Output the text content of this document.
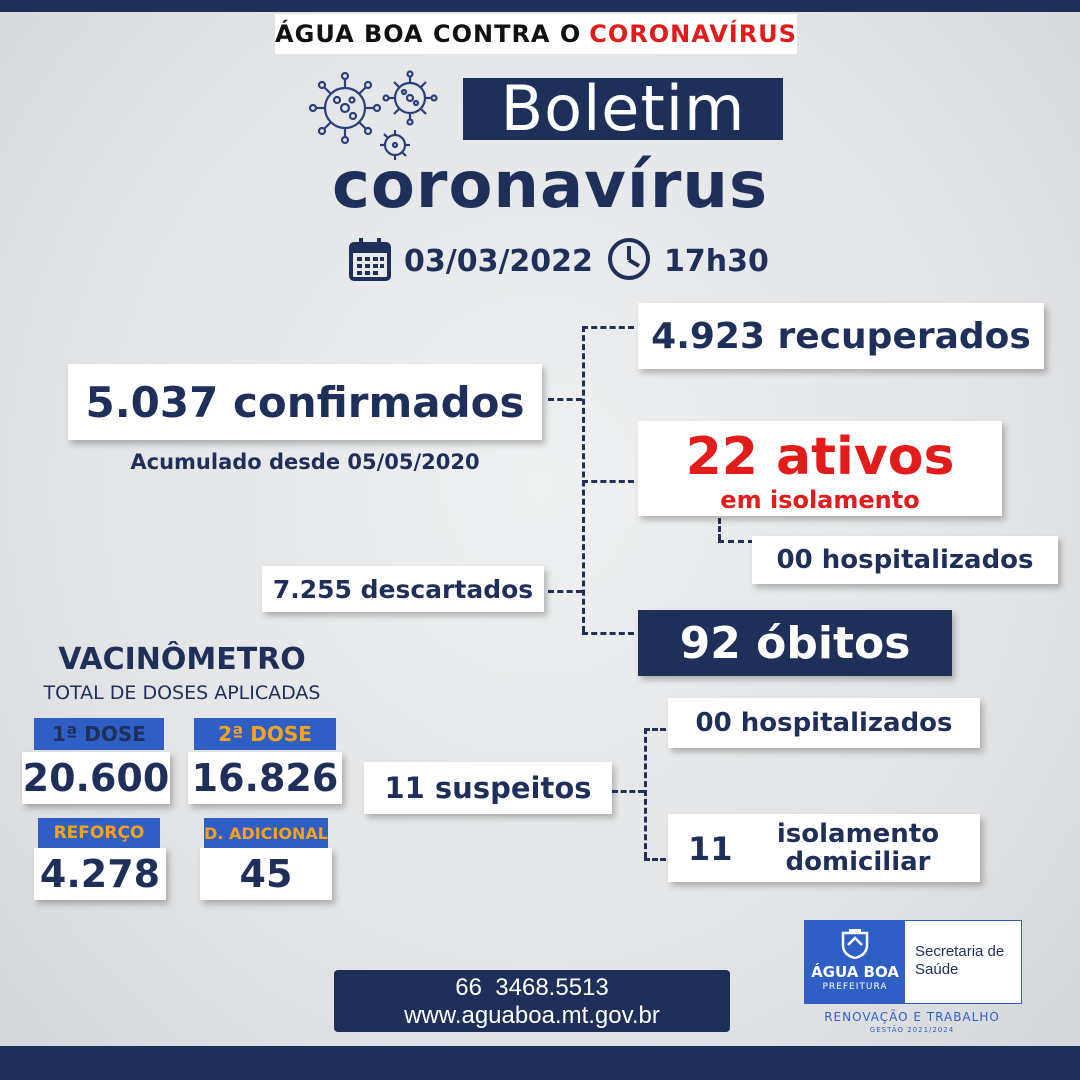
ÁGUA BOA CONTRA O CORONAVÍRUS
Boletim
coronavírus
03/03/2022 17h30
5.037 confirmados
Acumulado desde 05/05/2020
4.923 recuperados
22 ativos
em isolamento
00 hospitalizados
7.255 descartados
92 óbitos
VACINÔMETRO
TOTAL DE DOSES APLICADAS
1ª DOSE
20.600
2ª DOSE
16.826
REFORÇO
4.278
D. ADICIONAL
45
11 suspeitos
00 hospitalizados
11	isolamento
domiciliar
66  3468.5513
www.aguaboa.mt.gov.br
ÁGUA BOA
PREFEITURA
Secretaria de
Saúde
RENOVAÇÃO E TRABALHO
GESTÃO 2021/2024
